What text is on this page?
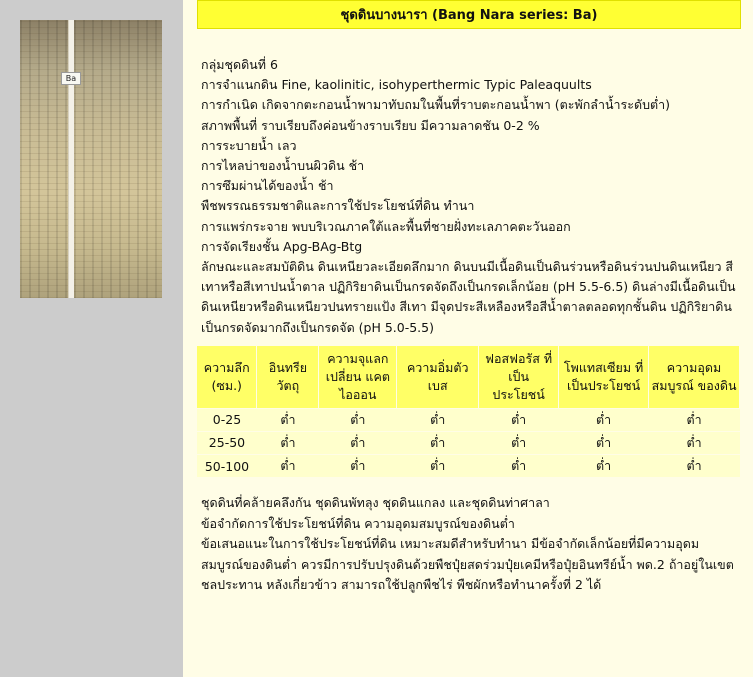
Ba
ชุดดินบางนารา (Bang Nara series: Ba)

กลุ่มชุดดินที่ 6

การจำแนกดิน Fine, kaolinitic, isohyperthermic Typic Paleaquults

การกำเนิด เกิดจากตะกอนน้ำพามาทับถมในพื้นที่ราบตะกอนน้ำพา (ตะพักลำน้ำระดับต่ำ)

สภาพพื้นที่ ราบเรียบถึงค่อนข้างราบเรียบ มีความลาดชัน 0-2 %

การระบายน้ำ เลว

การไหลบ่าของน้ำบนผิวดิน ช้า

การซึมผ่านได้ของน้ำ ช้า

พืชพรรณธรรมชาติและการใช้ประโยชน์ที่ดิน ทำนา

การแพร่กระจาย พบบริเวณภาคใต้และพื้นที่ชายฝั่งทะเลภาคตะวันออก

การจัดเรียงชั้น Apg-BAg-Btg

ลักษณะและสมบัติดิน ดินเหนียวละเอียดลึกมาก ดินบนมีเนื้อดินเป็นดินร่วนหรือดินร่วนปนดินเหนียว สีเทาหรือสีเทาปนน้ำตาล ปฏิกิริยาดินเป็นกรดจัดถึงเป็นกรดเล็กน้อย (pH 5.5-6.5) ดินล่างมีเนื้อดินเป็นดินเหนียวหรือดินเหนียวปนทรายแป้ง สีเทา มีจุดประสีเหลืองหรือสีน้ำตาลตลอดทุกชั้นดิน ปฏิกิริยาดินเป็นกรดจัดมากถึงเป็นกรดจัด (pH 5.0-5.5)

ความลึก (ซม.)	อินทรีย วัตถุ	ความจุแลกเปลี่ยน แคตไอออน	ความอิ่มตัว เบส	ฟอสฟอรัส ที่เป็น ประโยชน์	โพแทสเซียม ที่เป็นประโยชน์	ความอุดม สมบูรณ์ ของดิน
0-25	ต่ำ	ต่ำ	ต่ำ	ต่ำ	ต่ำ	ต่ำ
25-50	ต่ำ	ต่ำ	ต่ำ	ต่ำ	ต่ำ	ต่ำ
50-100	ต่ำ	ต่ำ	ต่ำ	ต่ำ	ต่ำ	ต่ำ

ชุดดินที่คล้ายคลึงกัน ชุดดินพัทลุง ชุดดินแกลง และชุดดินท่าศาลา

ข้อจำกัดการใช้ประโยชน์ที่ดิน ความอุดมสมบูรณ์ของดินต่ำ

ข้อเสนอแนะในการใช้ประโยชน์ที่ดิน เหมาะสมดีสำหรับทำนา มีข้อจำกัดเล็กน้อยที่มีความอุดมสมบูรณ์ของดินต่ำ ควรมีการปรับปรุงดินด้วยพืชปุ๋ยสดร่วมปุ๋ยเคมีหรือปุ๋ยอินทรีย์น้ำ พด.2 ถ้าอยู่ในเขตชลประทาน หลังเกี่ยวข้าว สามารถใช้ปลูกพืชไร่ พืชผักหรือทำนาครั้งที่ 2 ได้
